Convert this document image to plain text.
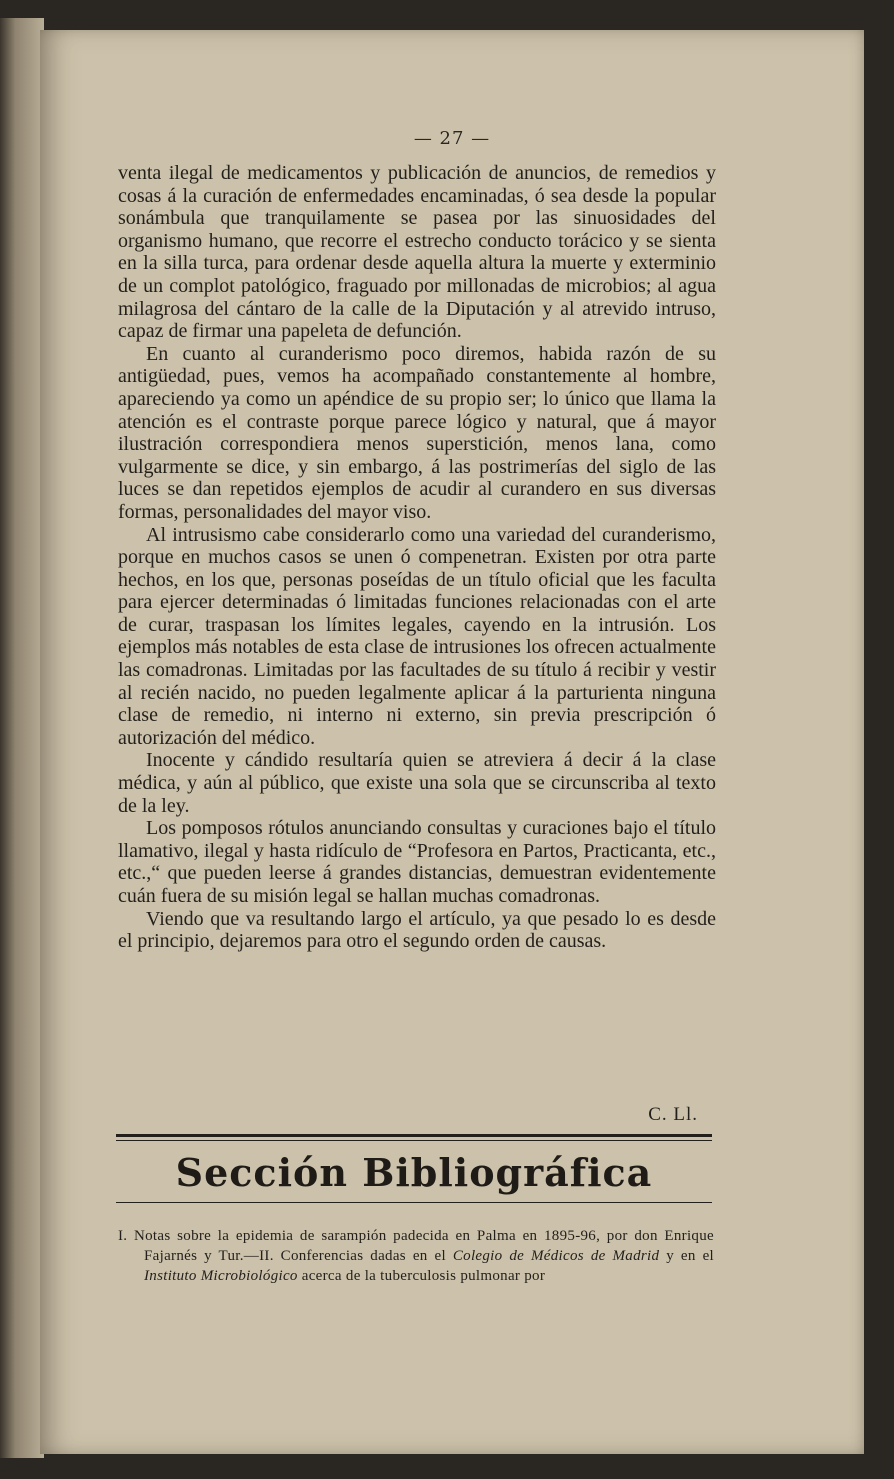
— 27 —

venta ilegal de medicamentos y publicación de anuncios, de remedios y cosas á la curación de enfermedades encaminadas, ó sea desde la popular sonámbula que tranquilamente se pasea por las sinuosidades del organismo humano, que recorre el estrecho conducto torácico y se sienta en la silla turca, para ordenar desde aquella altura la muerte y exterminio de un complot patológico, fraguado por millonadas de microbios; al agua milagrosa del cántaro de la calle de la Diputación y al atrevido intruso, capaz de firmar una papeleta de defunción.

En cuanto al curanderismo poco diremos, habida razón de su antigüedad, pues, vemos ha acompañado constantemente al hombre, apareciendo ya como un apéndice de su propio ser; lo único que llama la atención es el contraste porque parece lógico y natural, que á mayor ilustración correspondiera menos superstición, menos lana, como vulgarmente se dice, y sin embargo, á las postrimerías del siglo de las luces se dan repetidos ejemplos de acudir al curandero en sus diversas formas, personalidades del mayor viso.

Al intrusismo cabe considerarlo como una variedad del curanderismo, porque en muchos casos se unen ó compenetran. Existen por otra parte hechos, en los que, personas poseídas de un título oficial que les faculta para ejercer determinadas ó limitadas funciones relacionadas con el arte de curar, traspasan los límites legales, cayendo en la intrusión. Los ejemplos más notables de esta clase de intrusiones los ofrecen actualmente las comadronas. Limitadas por las facultades de su título á recibir y vestir al recién nacido, no pueden legalmente aplicar á la parturienta ninguna clase de remedio, ni interno ni externo, sin previa prescripción ó autorización del médico.

Inocente y cándido resultaría quien se atreviera á decir á la clase médica, y aún al público, que existe una sola que se circunscriba al texto de la ley.

Los pomposos rótulos anunciando consultas y curaciones bajo el título llamativo, ilegal y hasta ridículo de “Profesora en Partos, Practicanta, etc., etc.,“ que pueden leerse á grandes distancias, demuestran evidentemente cuán fuera de su misión legal se hallan muchas comadronas.

Viendo que va resultando largo el artículo, ya que pesado lo es desde el principio, dejaremos para otro el segundo orden de causas.

C. Ll.
Sección Bibliográfica

I. Notas sobre la epidemia de sarampión padecida en Palma en 1895-96, por don Enrique Fajarnés y Tur.—II. Conferencias dadas en el Colegio de Médicos de Madrid y en el Instituto Microbiológico acerca de la tuberculosis pulmonar por
